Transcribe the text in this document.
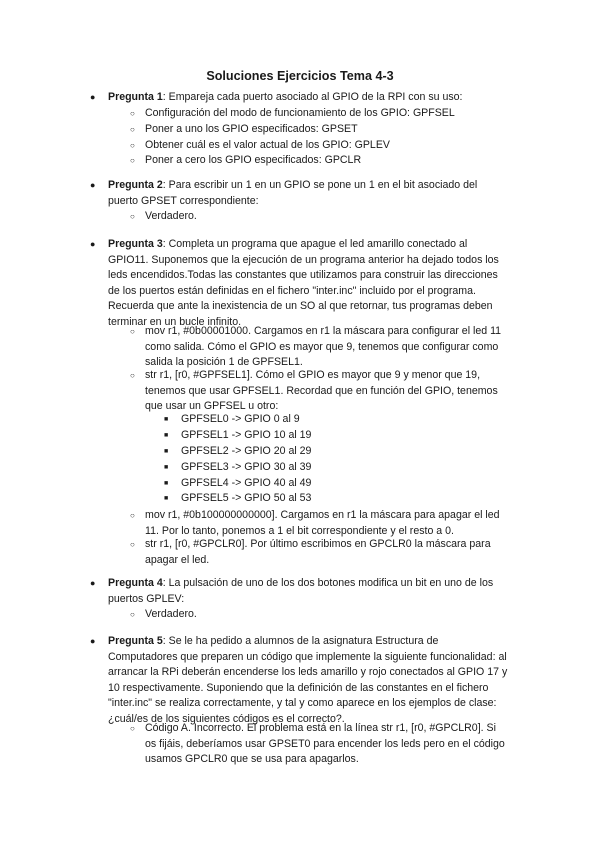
Soluciones Ejercicios Tema 4-3
● Pregunta 1: Empareja cada puerto asociado al GPIO de la RPI con su uso:
○ Configuración del modo de funcionamiento de los GPIO: GPFSEL
○ Poner a uno los GPIO especificados: GPSET
○ Obtener cuál es el valor actual de los GPIO: GPLEV
○ Poner a cero los GPIO especificados: GPCLR
● Pregunta 2: Para escribir un 1 en un GPIO se pone un 1 en el bit asociado del
puerto GPSET correspondiente:
○ Verdadero.
● Pregunta 3: Completa un programa que apague el led amarillo conectado al
GPIO11. Suponemos que la ejecución de un programa anterior ha dejado todos los
leds encendidos.Todas las constantes que utilizamos para construir las direcciones
de los puertos están definidas en el fichero "inter.inc" incluido por el programa.
Recuerda que ante la inexistencia de un SO al que retornar, tus programas deben
terminar en un bucle infinito.
○ mov r1, #0b00001000. Cargamos en r1 la máscara para configurar el led 11
como salida. Cómo el GPIO es mayor que 9, tenemos que configurar como
salida la posición 1 de GPFSEL1.
○ str r1, [r0, #GPFSEL1]. Cómo el GPIO es mayor que 9 y menor que 19,
tenemos que usar GPFSEL1. Recordad que en función del GPIO, tenemos
que usar un GPFSEL u otro:
■ GPFSEL0 -> GPIO 0 al 9
■ GPFSEL1 -> GPIO 10 al 19
■ GPFSEL2 -> GPIO 20 al 29
■ GPFSEL3 -> GPIO 30 al 39
■ GPFSEL4 -> GPIO 40 al 49
■ GPFSEL5 -> GPIO 50 al 53
○ mov r1, #0b100000000000]. Cargamos en r1 la máscara para apagar el led
11. Por lo tanto, ponemos a 1 el bit correspondiente y el resto a 0.
○ str r1, [r0, #GPCLR0]. Por último escribimos en GPCLR0 la máscara para
apagar el led.
● Pregunta 4: La pulsación de uno de los dos botones modifica un bit en uno de los
puertos GPLEV:
○ Verdadero.
● Pregunta 5: Se le ha pedido a alumnos de la asignatura Estructura de
Computadores que preparen un código que implemente la siguiente funcionalidad: al
arrancar la RPi deberán encenderse los leds amarillo y rojo conectados al GPIO 17 y
10 respectivamente. Suponiendo que la definición de las constantes en el fichero
"inter.inc" se realiza correctamente, y tal y como aparece en los ejemplos de clase:
¿cuál/es de los siguientes códigos es el correcto?.
○ Código A. Incorrecto. El problema está en la línea str r1, [r0, #GPCLR0]. Si
os fijáis, deberíamos usar GPSET0 para encender los leds pero en el código
usamos GPCLR0 que se usa para apagarlos.
